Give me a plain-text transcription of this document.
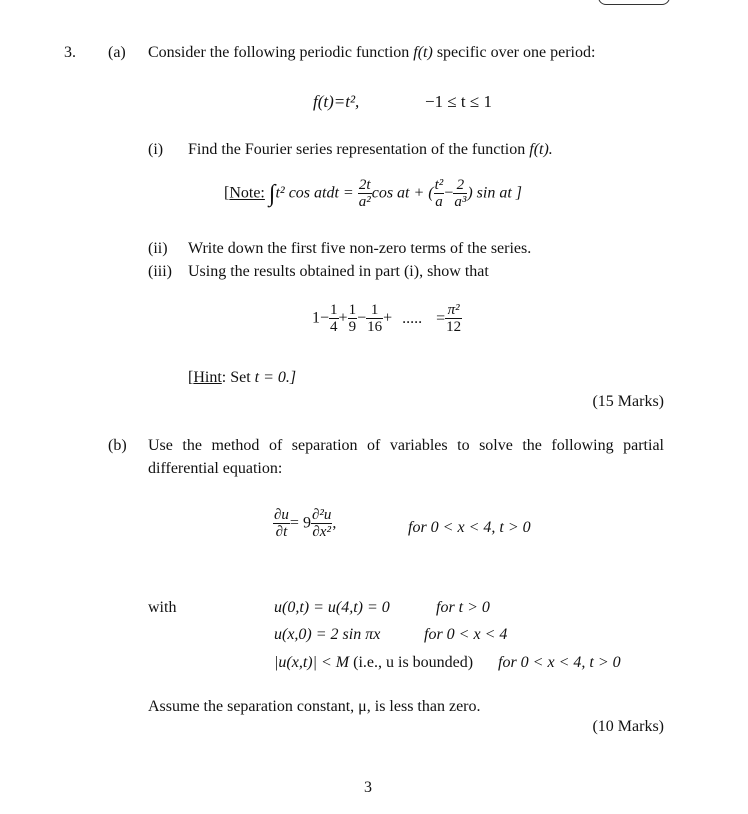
3. (a) Consider the following periodic function f(t) specific over one period:
f(t)=t²,	−1 ≤ t ≤ 1
(i) Find the Fourier series representation of the function f(t).
[Note: ∫t² cos atdt = $\frac{2t}{\text{a²}}$ cos at + ( $\frac{\text{t²}}{a} - \frac{2}{\text{a³}}$ ) sin at ]
(ii) Write down the first five non-zero terms of the series.
(iii) Using the results obtained in part (i), show that
$1- \frac{1}{4} + \frac{1}{9} - \frac{1}{16}$ + ..... = $\frac{\text{π²}}{12}$
[Hint: Set t = 0.]
(15 Marks)
(b) Use the method of separation of variables to solve the following partial
differential equation:
$\frac{\partial u}{\partial t} = 9 \frac{\text{∂²u}}{\text{∂x²}}$ ,	for 0 < x < 4, t > 0
with	u(0,t) = u(4,t) = 0	for t > 0
u(x,0) = 2 sin πx	for 0 < x < 4
|u(x,t)| < M (i.e., u is bounded) for 0 < x < 4, t > 0
Assume the separation constant, μ, is less than zero.
(10 Marks)
3
